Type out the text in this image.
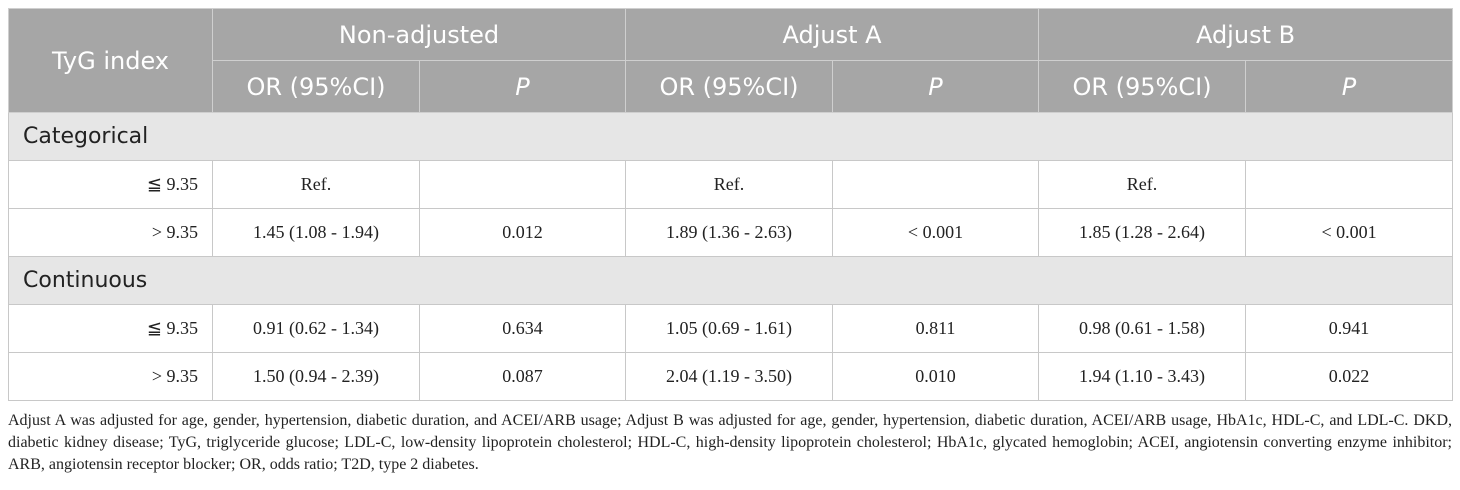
TyG index	Non-adjusted		Adjust A		Adjust B	
	OR (95%CI)	P	OR (95%CI)	P	OR (95%CI)	P
Categorical						
≦ 9.35	Ref.		Ref.		Ref.	
> 9.35	1.45 (1.08 - 1.94)	0.012	1.89 (1.36 - 2.63)	< 0.001	1.85 (1.28 - 2.64)	< 0.001
Continuous						
≦ 9.35	0.91 (0.62 - 1.34)	0.634	1.05 (0.69 - 1.61)	0.811	0.98 (0.61 - 1.58)	0.941
> 9.35	1.50 (0.94 - 2.39)	0.087	2.04 (1.19 - 3.50)	0.010	1.94 (1.10 - 3.43)	0.022
Adjust A was adjusted for age, gender, hypertension, diabetic duration, and ACEI/ARB usage; Adjust B was adjusted for age, gender, hypertension, diabetic duration, ACEI/ARB usage, HbA1c, HDL-C, and LDL-C. DKD, diabetic kidney disease; TyG, triglyceride glucose; LDL-C, low-density lipoprotein cholesterol; HDL-C, high-density lipoprotein cholesterol; HbA1c, glycated hemoglobin; ACEI, angiotensin converting enzyme inhibitor; ARB, angiotensin receptor blocker; OR, odds ratio; T2D, type 2 diabetes.
